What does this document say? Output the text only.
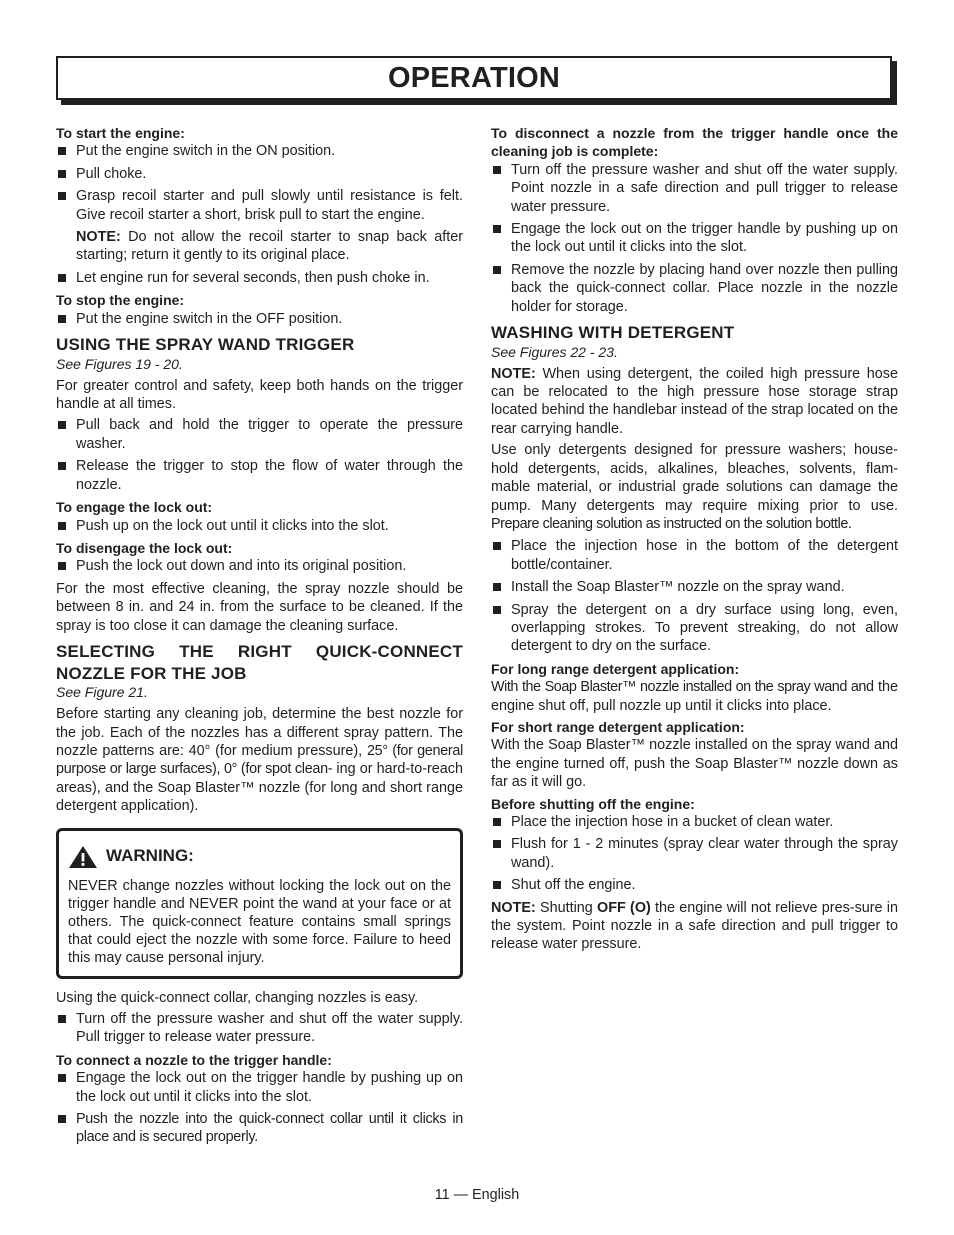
OPERATION

To start the engine:

Put the engine switch in the ON position.
Pull choke.
Grasp recoil starter and pull slowly until resistance is felt. Give recoil starter a short, brisk pull to start the engine.

NOTE: Do not allow the recoil starter to snap back after starting; return it gently to its original place.

Let engine run for several seconds, then push choke in.

To stop the engine:

Put the engine switch in the OFF position.

USING THE SPRAY WAND TRIGGER

See Figures 19 - 20.

For greater control and safety, keep both hands on the trigger handle at all times.

Pull back and hold the trigger to operate the pressure washer.
Release the trigger to stop the flow of water through the nozzle.

To engage the lock out:

Push up on the lock out until it clicks into the slot.

To disengage the lock out:

Push the lock out down and into its original position.

For the most effective cleaning, the spray nozzle should be between 8 in. and 24 in. from the surface to be cleaned. If the spray is too close it can damage the cleaning surface.

SELECTING THE RIGHT QUICK-CONNECT NOZZLE FOR THE JOB

See Figure 21.

Before starting any cleaning job, determine the best nozzle for the job. Each of the nozzles has a different spray pattern. The nozzle patterns are: 40° (for medium pressure), 25° (for general purpose or large surfaces), 0° (for spot clean- ing or hard-to-reach areas), and the Soap Blaster™ nozzle (for long and short range detergent application).

WARNING:

NEVER change nozzles without locking the lock out on the trigger handle and NEVER point the wand at your face or at others. The quick-connect feature contains small springs that could eject the nozzle with some force. Failure to heed this may cause personal injury.

Using the quick-connect collar, changing nozzles is easy.

Turn off the pressure washer and shut off the water supply. Pull trigger to release water pressure.

To connect a nozzle to the trigger handle:

Engage the lock out on the trigger handle by pushing up on the lock out until it clicks into the slot.
Push the nozzle into the quick-connect collar until it clicks in place and is secured properly.

To disconnect a nozzle from the trigger handle once the cleaning job is complete:

Turn off the pressure washer and shut off the water supply. Point nozzle in a safe direction and pull trigger to release water pressure.
Engage the lock out on the trigger handle by pushing up on the lock out until it clicks into the slot.
Remove the nozzle by placing hand over nozzle then pulling back the quick-connect collar. Place nozzle in the nozzle holder for storage.

WASHING WITH DETERGENT

See Figures 22 - 23.

NOTE: When using detergent, the coiled high pressure hose can be relocated to the high pressure hose storage strap located behind the handlebar instead of the strap located on the rear carrying handle.

Use only detergents designed for pressure washers; house-hold detergents, acids, alkalines, bleaches, solvents, flam-mable material, or industrial grade solutions can damage the pump. Many detergents may require mixing prior to use. Prepare cleaning solution as instructed on the solution bottle.

Place the injection hose in the bottom of the detergent bottle/container.
Install the Soap Blaster™ nozzle on the spray wand.
Spray the detergent on a dry surface using long, even, overlapping strokes. To prevent streaking, do not allow detergent to dry on the surface.

For long range detergent application:

With the Soap Blaster™ nozzle installed on the spray wand and the engine shut off, pull nozzle up until it clicks into place.

For short range detergent application:

With the Soap Blaster™ nozzle installed on the spray wand and the engine turned off, push the Soap Blaster™ nozzle down as far as it will go.

Before shutting off the engine:

Place the injection hose in a bucket of clean water.
Flush for 1 - 2 minutes (spray clear water through the spray wand).
Shut off the engine.

NOTE: Shutting OFF (O) the engine will not relieve pres-sure in the system. Point nozzle in a safe direction and pull trigger to release water pressure.

11 — English
